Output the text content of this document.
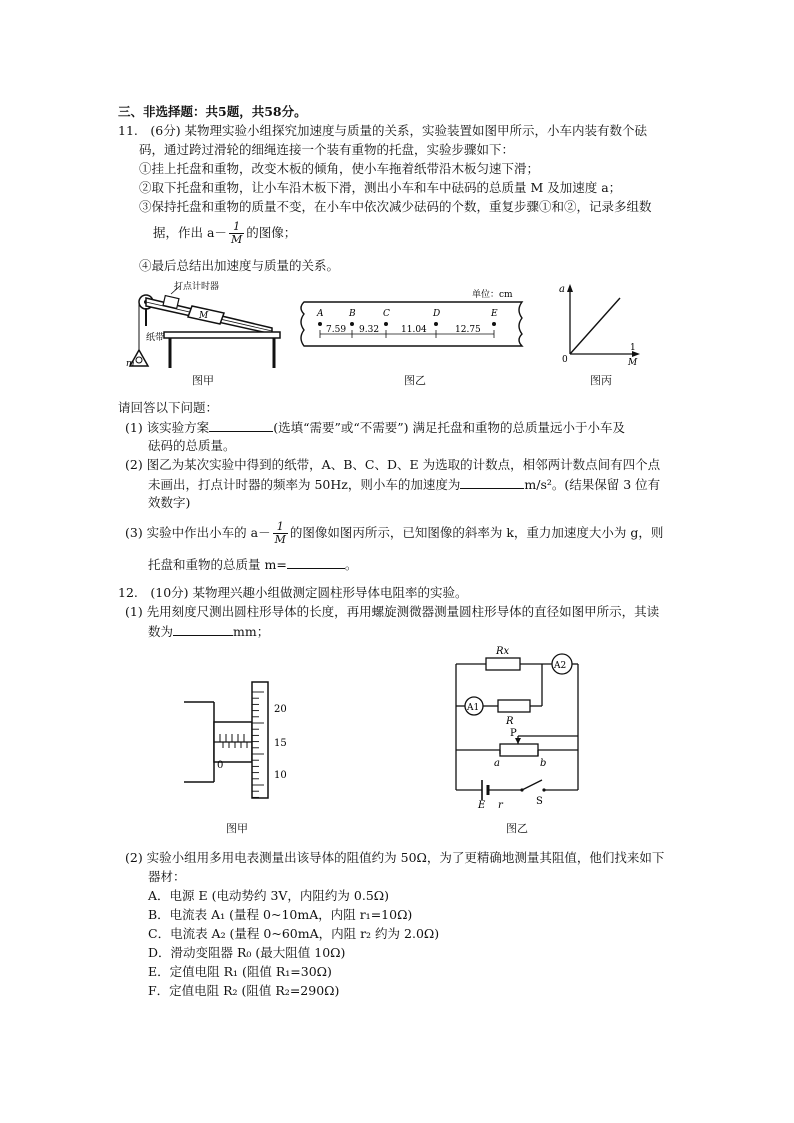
三、非选择题：共5题，共58分。
11.　(6分) 某物理实验小组探究加速度与质量的关系，实验装置如图甲所示，小车内装有数个砝
码，通过跨过滑轮的细绳连接一个装有重物的托盘，实验步骤如下：
①挂上托盘和重物，改变木板的倾角，使小车拖着纸带沿木板匀速下滑；
②取下托盘和重物，让小车沿木板下滑，测出小车和车中砝码的总质量 M 及加速度 a；
③保持托盘和重物的质量不变，在小车中依次减少砝码的个数，重复步骤①和②，记录多组数
据，作出 $a- \frac{1}{M}$ 的图像；
④最后总结出加速度与质量的关系。
M
打点计时器
m
纸带
图甲
单位：cm
A	B	C	D	E
7.59 9.32 11.04	12.75
图乙
a
0
1
M
图丙
请回答以下问题：
(1) 该实验方案	(选填“需要”或“不需要”) 满足托盘和重物的总质量远小于小车及
砝码的总质量。
(2) 图乙为某次实验中得到的纸带，A、B、C、D、E 为选取的计数点，相邻两计数点间有四个点
未画出，打点计时器的频率为 50Hz，则小车的加速度为	m/s²。(结果保留 3 位有
效数字)
(3) 实验中作出小车的 $a- \frac{1}{M}$ 的图像如图丙所示，已知图像的斜率为 k，重力加速度大小为 g，则
托盘和重物的总质量 m=	。
12.　(10分) 某物理兴趣小组做测定圆柱形导体电阻率的实验。
(1) 先用刻度尺测出圆柱形导体的长度，再用螺旋测微器测量圆柱形导体的直径如图甲所示，其读
数为	mm；
0
20
15
10
图甲
Rx
A2
A1
R
P
a	b
E r	S
图乙
(2) 实验小组用多用电表测量出该导体的阻值约为 50Ω，为了更精确地测量其阻值，他们找来如下
器材：
A．电源 E (电动势约 3V，内阻约为 0.5Ω)
B．电流表 A₁ (量程 0~10mA，内阻 r₁=10Ω)
C．电流表 A₂ (量程 0~60mA，内阻 r₂ 约为 2.0Ω)
D．滑动变阻器 R₀ (最大阻值 10Ω)
E．定值电阻 R₁ (阻值 R₁=30Ω)
F．定值电阻 R₂ (阻值 R₂=290Ω)
